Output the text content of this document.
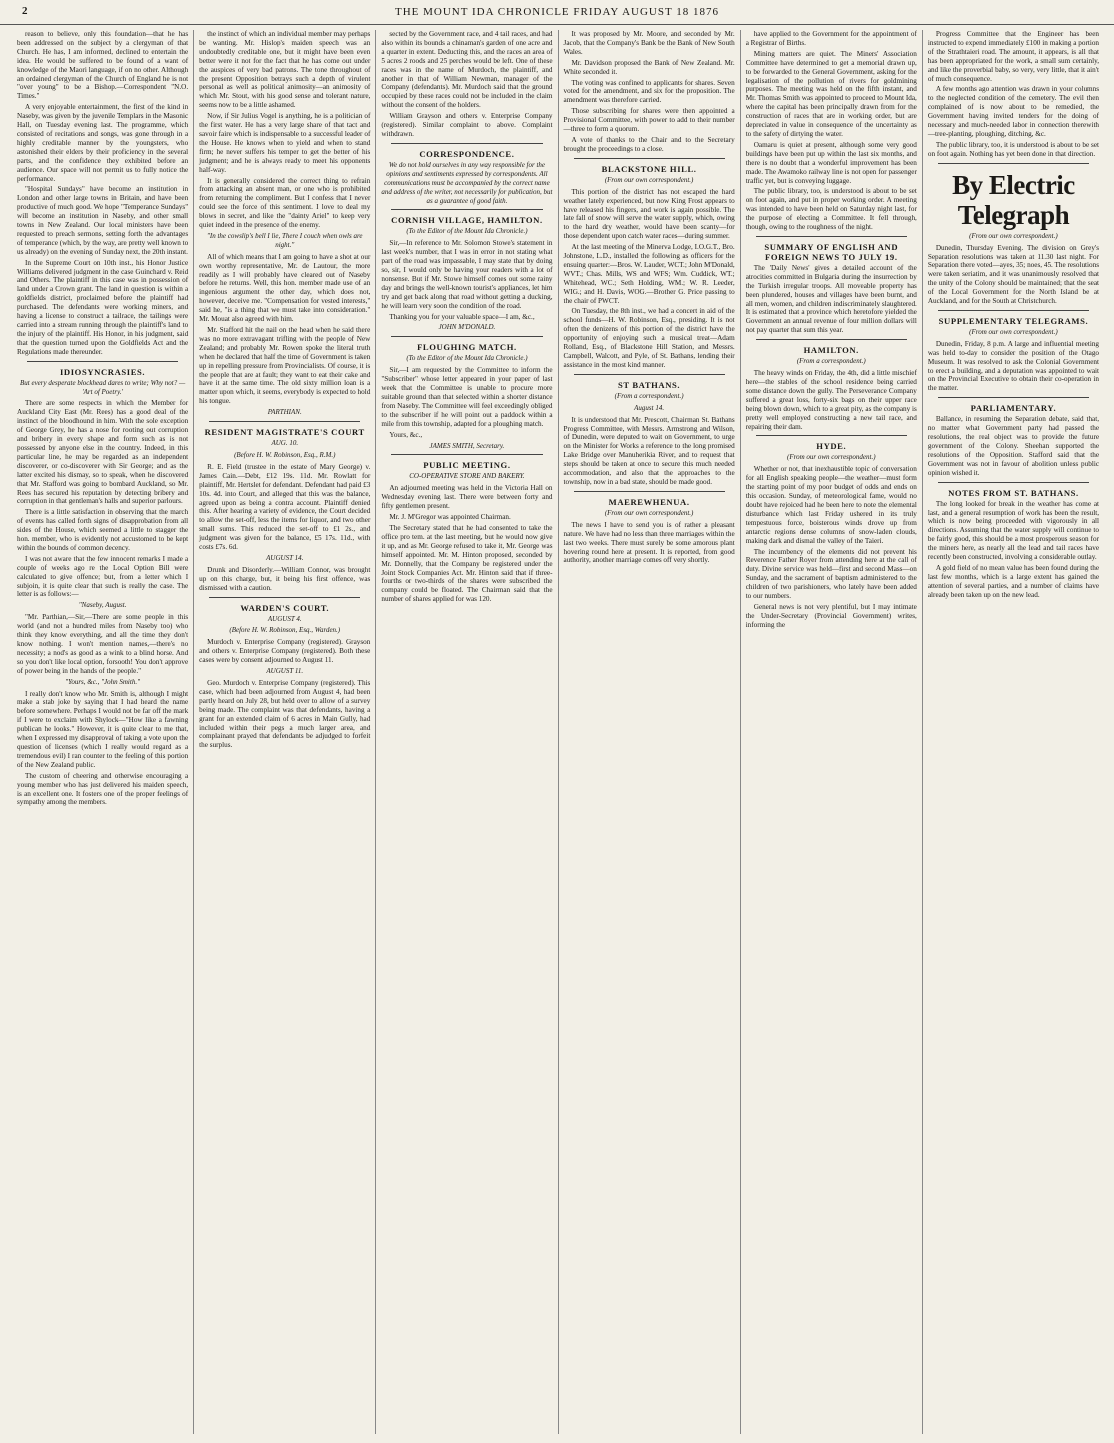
2	THE MOUNT IDA CHRONICLE FRIDAY AUGUST 18 1876

reason to believe, only this foundation—that he has been addressed on the subject by a clergyman of that Church. He has, I am informed, declined to entertain the idea. He would be suffered to be found of a want of knowledge of the Maori language, if on no other. Although an ordained clergyman of the Church of England he is not "over young" to be a Bishop.—Correspondent "N.O. Times."

A very enjoyable entertainment, the first of the kind in Naseby, was given by the juvenile Templars in the Masonic Hall, on Tuesday evening last. The programme, which consisted of recitations and songs, was gone through in a highly creditable manner by the youngsters, who astonished their elders by their proficiency in the several parts, and the confidence they exhibited before an audience. Our space will not permit us to fully notice the performance.

"Hospital Sundays" have become an institution in London and other large towns in Britain, and have been productive of much good. We hope "Temperance Sundays" will become an institution in Naseby, and other small towns in New Zealand. Our local ministers have been requested to preach sermons, setting forth the advantages of temperance (which, by the way, are pretty well known to us already) on the evening of Sunday next, the 20th instant.

In the Supreme Court on 10th inst., his Honor Justice Williams delivered judgment in the case Guinchard v. Reid and Others. The plaintiff in this case was in possession of land under a Crown grant. The land in question is within a goldfields district, proclaimed before the plaintiff had purchased. The defendants were working miners, and having a license to construct a tailrace, the tailings were carried into a stream running through the plaintiff's land to the injury of the plaintiff. His Honor, in his judgment, said that the question turned upon the Goldfields Act and the Regulations made thereunder.

IDIOSYNCRASIES.
But every desperate blockhead dares to write; Why not? — 'Art of Poetry.'

There are some respects in which the Member for Auckland City East (Mr. Rees) has a good deal of the instinct of the bloodhound in him. With the sole exception of George Grey, he has a nose for rooting out corruption and bribery in every shape and form such as is not possessed by anyone else in the country. Indeed, in this particular line, he may be regarded as an independent discoverer, or co-discoverer with Sir George; and as the latter excited his dismay, so to speak, when he discovered that Mr. Stafford was going to bombard Auckland, so Mr. Rees has secured his reputation by detecting bribery and corruption in that gentleman's halls and superior parlours.

There is a little satisfaction in observing that the march of events has called forth signs of disapprobation from all sides of the House, which seemed a little to stagger the hon. member, who is evidently not accustomed to be kept within the bounds of common decency.

I was not aware that the few innocent remarks I made a couple of weeks ago re the Local Option Bill were calculated to give offence; but, from a letter which I subjoin, it is quite clear that such is really the case. The letter is as follows:—

"Naseby, August.

"Mr. Parthian,—Sir,—There are some people in this world (and not a hundred miles from Naseby too) who think they know everything, and all the time they don't know nothing. I won't mention names,—there's no necessity; a nod's as good as a wink to a blind horse. And so you don't like local option, forsooth! You don't approve of power being in the hands of the people."

"Yours, &c., "John Smith."

I really don't know who Mr. Smith is, although I might make a stab joke by saying that I had heard the name before somewhere. Perhaps I would not be far off the mark if I were to exclaim with Shylock—"How like a fawning publican he looks." However, it is quite clear to me that, when I expressed my disapproval of taking a vote upon the question of licenses (which I really would regard as a tremendous evil) I ran counter to the feeling of this portion of the New Zealand public.

The custom of cheering and otherwise encouraging a young member who has just delivered his maiden speech, is an excellent one. It fosters one of the proper feelings of sympathy among the members.

the instinct of which an individual member may perhaps be wanting. Mr. Hislop's maiden speech was an undoubtedly creditable one, but it might have been even better were it not for the fact that he has come out under the auspices of very bad patrons. The tone throughout of the present Opposition betrays such a depth of virulent personal as well as political animosity—an animosity of which Mr. Stout, with his good sense and tolerant nature, seems now to be a little ashamed.

Now, if Sir Julius Vogel is anything, he is a politician of the first water. He has a very large share of that tact and savoir faire which is indispensable to a successful leader of the House. He knows when to yield and when to stand firm; he never suffers his temper to get the better of his judgment; and he is always ready to meet his opponents half-way.

It is generally considered the correct thing to refrain from attacking an absent man, or one who is prohibited from returning the compliment. But I confess that I never could see the force of this sentiment. I love to deal my blows in secret, and like the "dainty Ariel" to keep very quiet indeed in the presence of the enemy.

"In the cowslip's bell I lie, There I couch when owls are night."

All of which means that I am going to have a shot at our own worthy representative, Mr. de Lautour, the more readily as I will probably have cleared out of Naseby before he returns. Well, this hon. member made use of an ingenious argument the other day, which does not, however, deceive me. "Compensation for vested interests," said he, "is a thing that we must take into consideration." Mr. Mouat also agreed with him.

Mr. Stafford hit the nail on the head when he said there was no more extravagant trifling with the people of New Zealand; and probably Mr. Rowen spoke the literal truth when he declared that half the time of Government is taken up in repelling pressure from Provincialists. Of course, it is the people that are at fault; they want to eat their cake and have it at the same time. The old sixty million loan is a matter upon which, it seems, everybody is expected to hold his tongue.

PARTHIAN.
RESIDENT MAGISTRATE'S COURT
AUG. 10.
(Before H. W. Robinson, Esq., R.M.)

R. E. Field (trustee in the estate of Mary George) v. James Cain.—Debt, £12 19s. 11d. Mr. Rowlatt for plaintiff, Mr. Hertslet for defendant. Defendant had paid £3 10s. 4d. into Court, and alleged that this was the balance, agreed upon as being a contra account. Plaintiff denied this. After hearing a variety of evidence, the Court decided to allow the set-off, less the items for liquor, and two other small sums. This reduced the set-off to £1 2s., and judgment was given for the balance, £5 17s. 11d., with costs £7s. 6d.

AUGUST 14.

Drunk and Disorderly.—William Connor, was brought up on this charge, but, it being his first offence, was dismissed with a caution.

WARDEN'S COURT.
AUGUST 4.
(Before H. W. Robinson, Esq., Warden.)

Murdoch v. Enterprise Company (registered). Grayson and others v. Enterprise Company (registered). Both these cases were by consent adjourned to August 11.

AUGUST 11.

Geo. Murdoch v. Enterprise Company (registered). This case, which had been adjourned from August 4, had been partly heard on July 28, but held over to allow of a survey being made. The complaint was that defendants, having a grant for an extended claim of 6 acres in Main Gully, had included within their pegs a much larger area, and complainant prayed that defendants be adjudged to forfeit the surplus.

sected by the Government race, and 4 tail races, and had also within its bounds a chinaman's garden of one acre and a quarter in extent. Deducting this, and the races an area of 5 acres 2 roods and 25 perches would be left. One of these races was in the name of Murdoch, the plaintiff, and another in that of William Newman, manager of the Company (defendants). Mr. Murdoch said that the ground occupied by these races could not be included in the claim without the consent of the holders.

William Grayson and others v. Enterprise Company (registered). Similar complaint to above. Complaint withdrawn.

CORRESPONDENCE.
We do not hold ourselves in any way responsible for the opinions and sentiments expressed by correspondents. All communications must be accompanied by the correct name and address of the writer, not necessarily for publication, but as a guarantee of good faith.
CORNISH VILLAGE, HAMILTON.
(To the Editor of the Mount Ida Chronicle.)

Sir,—In reference to Mr. Solomon Stowe's statement in last week's number, that I was in error in not stating what part of the road was impassable, I may state that by doing so, sir, I would only be having your readers with a lot of nonsense. But if Mr. Stowe himself comes out some rainy day and brings the well-known tourist's appliances, let him try and get back along that road without getting a ducking, he will learn very soon the condition of the road.

Thanking you for your valuable space—I am, &c.,

JOHN M'DONALD.
FLOUGHING MATCH.
(To the Editor of the Mount Ida Chronicle.)

Sir,—I am requested by the Committee to inform the "Subscriber" whose letter appeared in your paper of last week that the Committee is unable to procure more suitable ground than that selected within a shorter distance from Naseby. The Committee will feel exceedingly obliged to the subscriber if he will point out a paddock within a mile from this township, adapted for a ploughing match.

Yours, &c.,

JAMES SMITH, Secretary.
PUBLIC MEETING.
CO-OPERATIVE STORE AND BAKERY.

An adjourned meeting was held in the Victoria Hall on Wednesday evening last. There were between forty and fifty gentlemen present.

Mr. J. M'Gregor was appointed Chairman.

The Secretary stated that he had consented to take the office pro tem. at the last meeting, but he would now give it up, and as Mr. George refused to take it, Mr. George was himself appointed. Mr. M. Hinton proposed, seconded by Mr. Donnelly, that the Company be registered under the Joint Stock Companies Act. Mr. Hinton said that if three-fourths or two-thirds of the shares were subscribed the company could be floated. The Chairman said that the number of shares applied for was 120.

It was proposed by Mr. Moore, and seconded by Mr. Jacob, that the Company's Bank be the Bank of New South Wales.

Mr. Davidson proposed the Bank of New Zealand. Mr. White seconded it.

The voting was confined to applicants for shares. Seven voted for the amendment, and six for the proposition. The amendment was therefore carried.

Those subscribing for shares were then appointed a Provisional Committee, with power to add to their number—three to form a quorum.

A vote of thanks to the Chair and to the Secretary brought the proceedings to a close.

BLACKSTONE HILL.
(From our own correspondent.)

This portion of the district has not escaped the hard weather lately experienced, but now King Frost appears to have released his fingers, and work is again possible. The late fall of snow will serve the water supply, which, owing to the hard dry weather, would have been scanty—for those dependent upon catch water races—during summer.

At the last meeting of the Minerva Lodge, I.O.G.T., Bro. Johnstone, L.D., installed the following as officers for the ensuing quarter:—Bros. W. Lauder, WCT.; John M'Donald, WVT.; Chas. Mills, WS and WFS; Wm. Cuddick, WT.; Whitehead, WC.; Seth Holding, WM.; W. R. Leeder, WIG.; and H. Davis, WOG.—Brother G. Price passing to the chair of PWCT.

On Tuesday, the 8th inst., we had a concert in aid of the school funds—H. W. Robinson, Esq., presiding. It is not often the denizens of this portion of the district have the opportunity of enjoying such a musical treat—Adam Rolland, Esq., of Blackstone Hill Station, and Messrs. Campbell, Walcott, and Pyle, of St. Bathans, lending their assistance in the most kind manner.

ST BATHANS.
(From a correspondent.)
August 14.

It is understood that Mr. Prescott, Chairman St. Bathans Progress Committee, with Messrs. Armstrong and Wilson, of Dunedin, were deputed to wait on Government, to urge on the Minister for Works a reference to the long promised Lake Bridge over Manuherikia River, and to request that steps should be taken at once to secure this much needed accommodation, and also that the approaches to the township, now in a bad state, should be made good.

MAEREWHENUA.
(From our own correspondent.)

The news I have to send you is of rather a pleasant nature. We have had no less than three marriages within the last two weeks. There must surely be some amorous plant hovering round here at present. It is reported, from good authority, another marriage comes off very shortly.

have applied to the Government for the appointment of a Registrar of Births.

Mining matters are quiet. The Miners' Association Committee have determined to get a memorial drawn up, to be forwarded to the General Government, asking for the legalisation of the pollution of rivers for goldmining purposes. The meeting was held on the fifth instant, and Mr. Thomas Smith was appointed to proceed to Mount Ida, where the capital has been principally drawn from for the construction of races that are in working order, but are depreciated in value in consequence of the uncertainty as to the safety of dirtying the water.

Oamaru is quiet at present, although some very good buildings have been put up within the last six months, and there is no doubt that a wonderful improvement has been made. The Awamoko railway line is not open for passenger traffic yet, but is conveying luggage.

The public library, too, is understood is about to be set on foot again, and put in proper working order. A meeting was intended to have been held on Saturday night last, for the purpose of electing a Committee. It fell through, though, owing to the roughness of the night.

SUMMARY OF ENGLISH AND FOREIGN NEWS TO JULY 19.

The 'Daily News' gives a detailed account of the atrocities committed in Bulgaria during the insurrection by the Turkish irregular troops. All moveable property has been plundered, houses and villages have been burnt, and all men, women, and children indiscriminately slaughtered. It is estimated that a province which heretofore yielded the Government an annual revenue of four million dollars will not pay quarter that sum this year.

HAMILTON.
(From a correspondent.)

The heavy winds on Friday, the 4th, did a little mischief here—the stables of the school residence being carried some distance down the gully. The Perseverance Company suffered a great loss, forty-six bags on their upper race being blown down, which to a great pity, as the company is pretty well employed constructing a new tail race, and repairing their dam.

HYDE.
(From our own correspondent.)

Whether or not, that inexhaustible topic of conversation for all English speaking people—the weather—must form the starting point of my poor budget of odds and ends on this occasion. Sunday, of meteorological fame, would no doubt have rejoiced had he been here to note the elemental disturbance which last Friday ushered in its truly tempestuous force, boisterous winds drove up from antarctic regions dense columns of snow-laden clouds, making dark and dismal the valley of the Taieri.

The incumbency of the elements did not prevent his Reverence Father Royer from attending here at the call of duty. Divine service was held—first and second Mass—on Sunday, and the sacrament of baptism administered to the children of two parishioners, who lately have been added to our numbers.

General news is not very plentiful, but I may intimate the Under-Secretary (Provincial Government) writes, informing the

Progress Committee that the Engineer has been instructed to expend immediately £100 in making a portion of the Strathtaieri road. The amount, it appears, is all that has been appropriated for the work, a small sum certainly, and like the proverbial baby, so very, very little, that it ain't of much consequence.

A few months ago attention was drawn in your columns to the neglected condition of the cemetery. The evil then complained of is now about to be remedied, the Government having invited tenders for the doing of necessary and much-needed labor in connection therewith—tree-planting, ploughing, ditching, &c.

The public library, too, it is understood is about to be set on foot again. Nothing has yet been done in that direction.

By Electric Telegraph
(From our own correspondent.)

Dunedin, Thursday Evening. The division on Grey's Separation resolutions was taken at 11.30 last night. For Separation there voted—ayes, 35; noes, 45. The resolutions were taken seriatim, and it was unanimously resolved that the unity of the Colony should be maintained; that the seat of the Local Government for the North Island be at Auckland, and for the South at Christchurch.

SUPPLEMENTARY TELEGRAMS.
(From our own correspondent.)

Dunedin, Friday, 8 p.m. A large and influential meeting was held to-day to consider the position of the Otago Museum. It was resolved to ask the Colonial Government to erect a building, and a deputation was appointed to wait on the Provincial Executive to obtain their co-operation in the matter.

PARLIAMENTARY.

Ballance, in resuming the Separation debate, said that, no matter what Government party had passed the resolutions, the real object was to provide the future government of the Colony. Sheehan supported the resolutions of the Opposition. Stafford said that the Government was not in favour of abolition unless public opinion wished it.

NOTES FROM ST. BATHANS.

The long looked for break in the weather has come at last, and a general resumption of work has been the result, which is now being proceeded with vigorously in all directions. Assuming that the water supply will continue to be fairly good, this should be a most prosperous season for the miners here, as nearly all the lead and tail races have recently been constructed, involving a considerable outlay.

A gold field of no mean value has been found during the last few months, which is a large extent has gained the attention of several parties, and a number of claims have already been taken up on the new lead.
